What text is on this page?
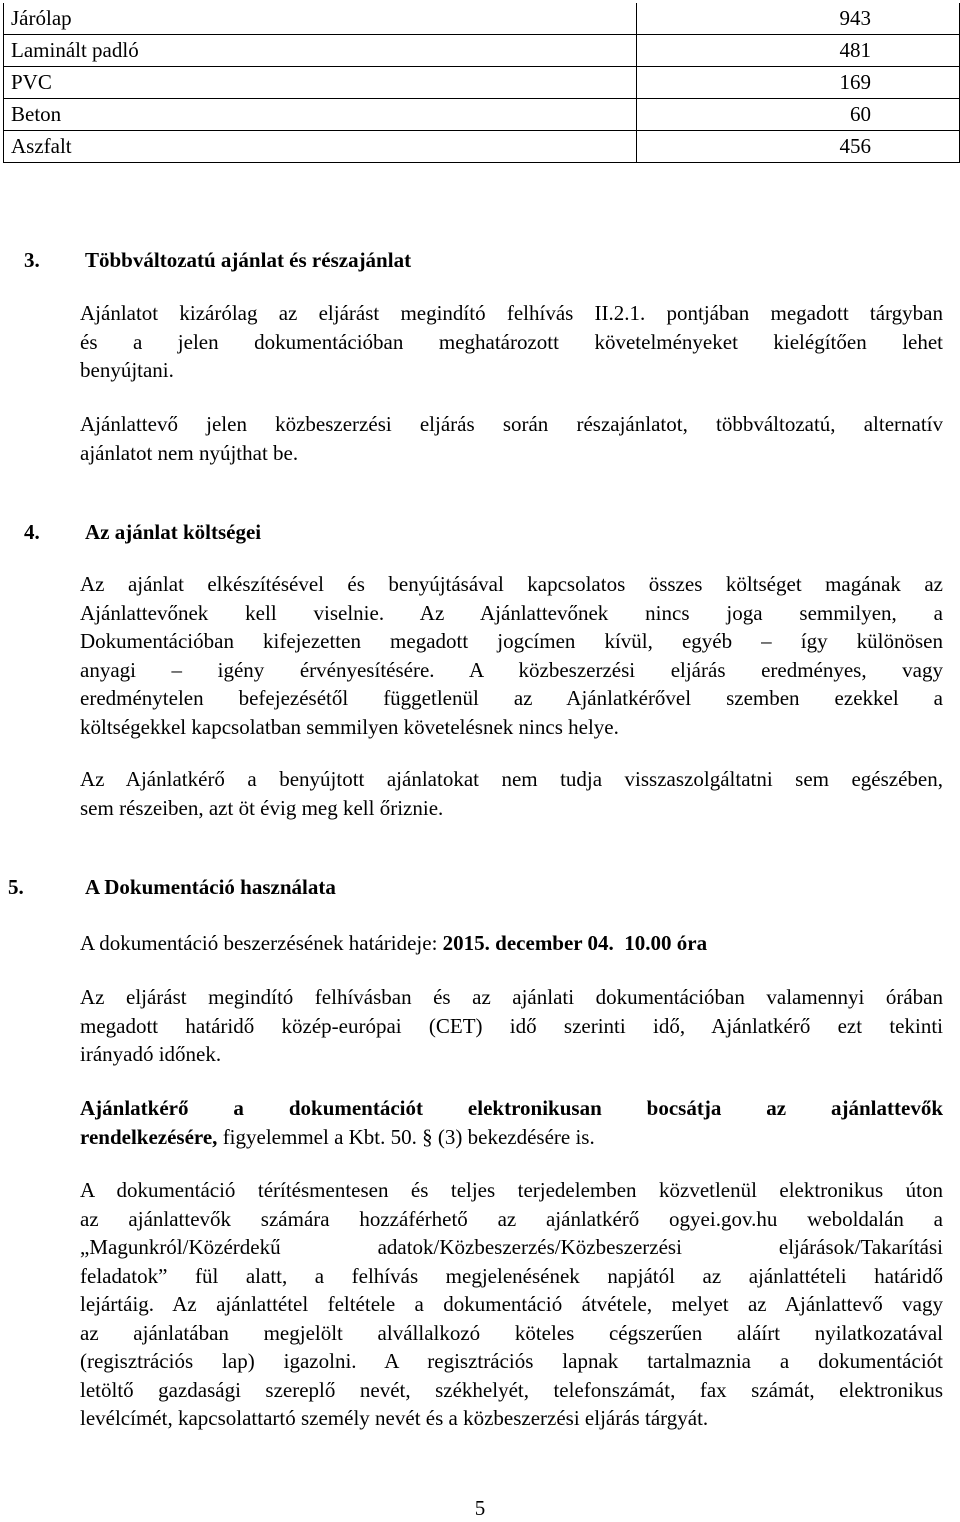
Járólap	943
Laminált padló	481
PVC	169
Beton	60
Aszfalt	456
3. Többváltozatú ajánlat és részajánlat
Ajánlatot kizárólag az eljárást megindító felhívás II.2.1. pontjában megadott tárgyban
és a jelen dokumentációban meghatározott követelményeket kielégítően lehet
benyújtani.
Ajánlattevő jelen közbeszerzési eljárás során részajánlatot, többváltozatú, alternatív
ajánlatot nem nyújthat be.
4. Az ajánlat költségei
Az ajánlat elkészítésével és benyújtásával kapcsolatos összes költséget magának az
Ajánlattevőnek kell viselnie. Az Ajánlattevőnek nincs joga semmilyen, a
Dokumentációban kifejezetten megadott jogcímen kívül, egyéb – így különösen
anyagi – igény érvényesítésére. A közbeszerzési eljárás eredményes, vagy
eredménytelen befejezésétől függetlenül az Ajánlatkérővel szemben ezekkel a
költségekkel kapcsolatban semmilyen követelésnek nincs helye.
Az Ajánlatkérő a benyújtott ajánlatokat nem tudja visszaszolgáltatni sem egészében,
sem részeiben, azt öt évig meg kell őriznie.
5.	A Dokumentáció használata
A dokumentáció beszerzésének határideje: 2015. december 04.  10.00 óra
Az eljárást megindító felhívásban és az ajánlati dokumentációban valamennyi órában
megadott határidő közép-európai (CET) idő szerinti idő, Ajánlatkérő ezt tekinti
irányadó időnek.
Ajánlatkérő a dokumentációt elektronikusan bocsátja az ajánlattevők
rendelkezésére, figyelemmel a Kbt. 50. § (3) bekezdésére is.
A dokumentáció térítésmentesen és teljes terjedelemben közvetlenül elektronikus úton
az ajánlattevők számára hozzáférhető az ajánlatkérő ogyei.gov.hu weboldalán a
„Magunkról/Közérdekű adatok/Közbeszerzés/Közbeszerzési eljárások/Takarítási
feladatok” fül alatt, a felhívás megjelenésének napjától az ajánlattételi határidő
lejártáig. Az ajánlattétel feltétele a dokumentáció átvétele, melyet az Ajánlattevő vagy
az ajánlatában megjelölt alvállalkozó köteles cégszerűen aláírt nyilatkozatával
(regisztrációs lap) igazolni. A regisztrációs lapnak tartalmaznia a dokumentációt
letöltő gazdasági szereplő nevét, székhelyét, telefonszámát, fax számát, elektronikus
levélcímét, kapcsolattartó személy nevét és a közbeszerzési eljárás tárgyát.
5
